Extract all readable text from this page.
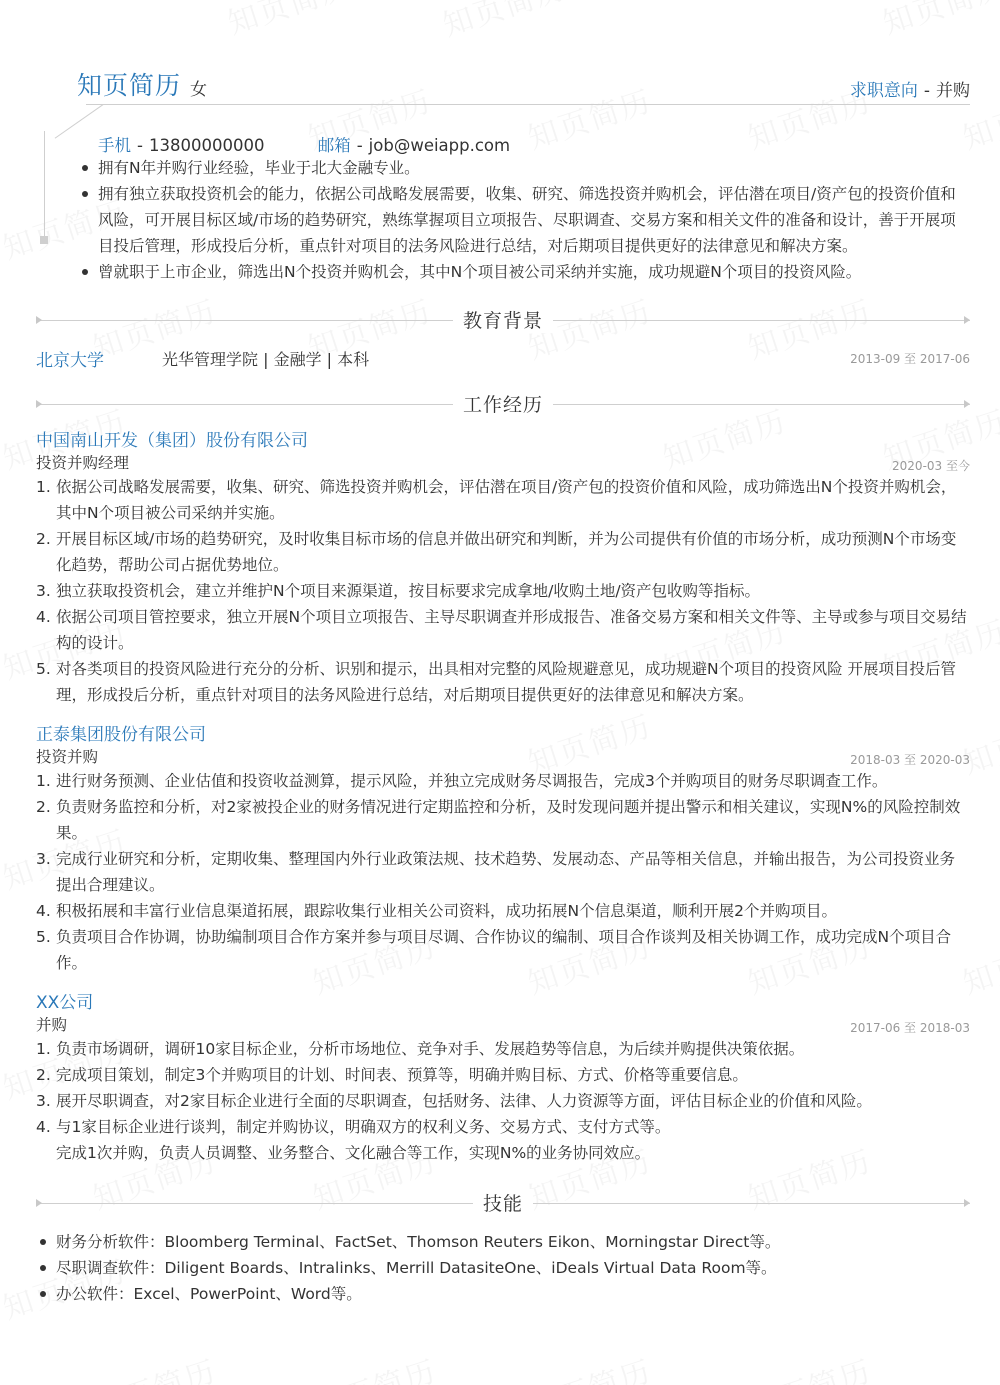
知页简历 女	求职意向 - 并购
手机 - 13800000000	邮箱 - job@weiapp.com
拥有N年并购行业经验，毕业于北大金融专业。
拥有独立获取投资机会的能力，依据公司战略发展需要，收集、研究、筛选投资并购机会，评估潜在项目/资产包的投资价值和风险，可开展目标区域/市场的趋势研究，熟练掌握项目立项报告、尽职调查、交易方案和相关文件的准备和设计，善于开展项目投后管理，形成投后分析，重点针对项目的法务风险进行总结，对后期项目提供更好的法律意见和解决方案。
曾就职于上市企业，筛选出N个投资并购机会，其中N个项目被公司采纳并实施，成功规避N个项目的投资风险。
教育背景
北京大学	光华管理学院 | 金融学 | 本科	2013-09 至 2017-06
工作经历
中国南山开发（集团）股份有限公司
投资并购经理	2020-03 至今
1. 依据公司战略发展需要，收集、研究、筛选投资并购机会，评估潜在项目/资产包的投资价值和风险，成功筛选出N个投资并购机会，其中N个项目被公司采纳并实施。
2. 开展目标区域/市场的趋势研究，及时收集目标市场的信息并做出研究和判断，并为公司提供有价值的市场分析，成功预测N个市场变化趋势，帮助公司占据优势地位。
3. 独立获取投资机会，建立并维护N个项目来源渠道，按目标要求完成拿地/收购土地/资产包收购等指标。
4. 依据公司项目管控要求，独立开展N个项目立项报告、主导尽职调查并形成报告、准备交易方案和相关文件等、主导或参与项目交易结构的设计。
5. 对各类项目的投资风险进行充分的分析、识别和提示，出具相对完整的风险规避意见，成功规避N个项目的投资风险 开展项目投后管理，形成投后分析，重点针对项目的法务风险进行总结，对后期项目提供更好的法律意见和解决方案。
正泰集团股份有限公司
投资并购	2018-03 至 2020-03
1. 进行财务预测、企业估值和投资收益测算，提示风险，并独立完成财务尽调报告，完成3个并购项目的财务尽职调查工作。
2. 负责财务监控和分析，对2家被投企业的财务情况进行定期监控和分析，及时发现问题并提出警示和相关建议，实现N%的风险控制效果。
3. 完成行业研究和分析，定期收集、整理国内外行业政策法规、技术趋势、发展动态、产品等相关信息，并输出报告，为公司投资业务提出合理建议。
4. 积极拓展和丰富行业信息渠道拓展，跟踪收集行业相关公司资料，成功拓展N个信息渠道，顺利开展2个并购项目。
5. 负责项目合作协调，协助编制项目合作方案并参与项目尽调、合作协议的编制、项目合作谈判及相关协调工作，成功完成N个项目合作。
XX公司
并购	2017-06 至 2018-03
1. 负责市场调研，调研10家目标企业，分析市场地位、竞争对手、发展趋势等信息，为后续并购提供决策依据。
2. 完成项目策划，制定3个并购项目的计划、时间表、预算等，明确并购目标、方式、价格等重要信息。
3. 展开尽职调查，对2家目标企业进行全面的尽职调查，包括财务、法律、人力资源等方面，评估目标企业的价值和风险。
4. 与1家目标企业进行谈判，制定并购协议，明确双方的权利义务、交易方式、支付方式等。
完成1次并购，负责人员调整、业务整合、文化融合等工作，实现N%的业务协同效应。
技能
财务分析软件：Bloomberg Terminal、FactSet、Thomson Reuters Eikon、Morningstar Direct等。
尽职调查软件：Diligent Boards、Intralinks、Merrill DatasiteOne、iDeals Virtual Data Room等。
办公软件：Excel、PowerPoint、Word等。
